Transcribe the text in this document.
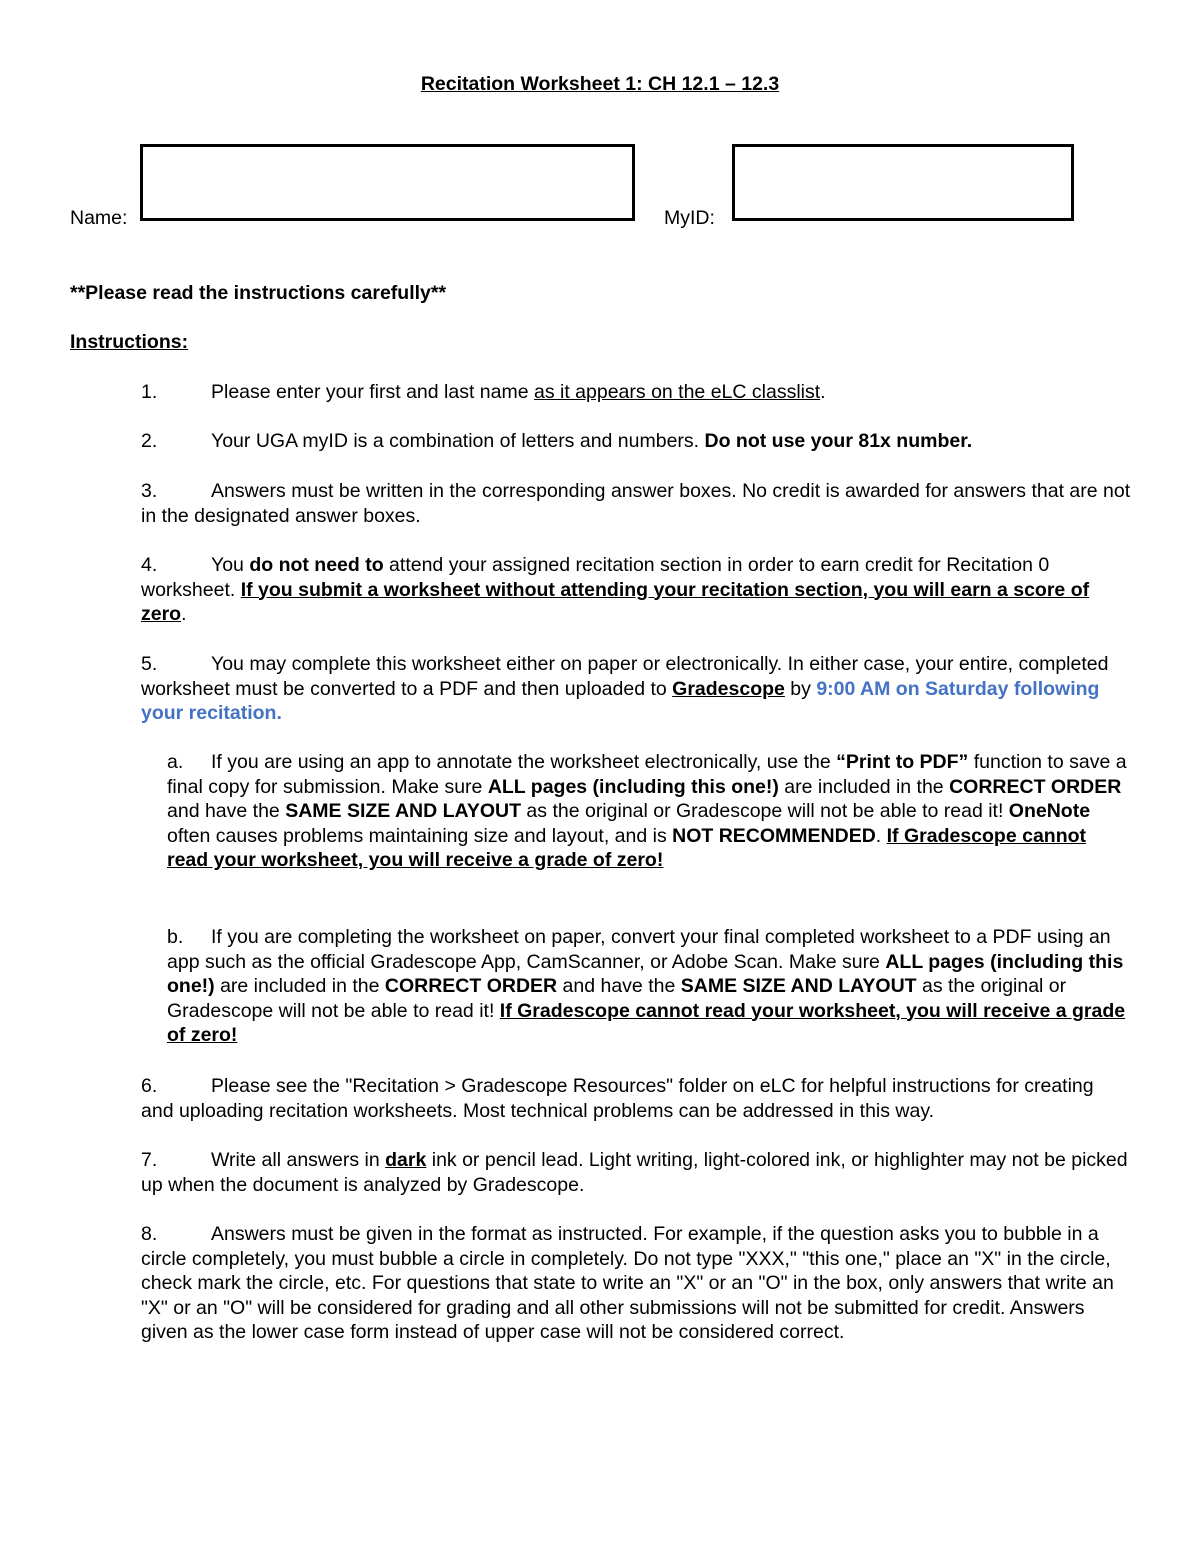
Recitation Worksheet 1: CH 12.1 – 12.3
Name:	MyID:

**Please read the instructions carefully**

Instructions:

1.	Please enter your first and last name as it appears on the eLC classlist.

2.	Your UGA myID is a combination of letters and numbers. Do not use your 81x number.

3.	Answers must be written in the corresponding answer boxes. No credit is awarded for answers that are not in the designated answer boxes.

4.	You do not need to attend your assigned recitation section in order to earn credit for Recitation 0 worksheet. If you submit a worksheet without attending your recitation section, you will earn a score of zero.

5.	You may complete this worksheet either on paper or electronically. In either case, your entire, completed worksheet must be converted to a PDF and then uploaded to Gradescope by 9:00 AM on Saturday following your recitation.

a. If you are using an app to annotate the worksheet electronically, use the “Print to PDF” function to save a final copy for submission. Make sure ALL pages (including this one!) are included in the CORRECT ORDER and have the SAME SIZE AND LAYOUT as the original or Gradescope will not be able to read it! OneNote often causes problems maintaining size and layout, and is NOT RECOMMENDED. If Gradescope cannot read your worksheet, you will receive a grade of zero!

b. If you are completing the worksheet on paper, convert your final completed worksheet to a PDF using an app such as the official Gradescope App, CamScanner, or Adobe Scan. Make sure ALL pages (including this one!) are included in the CORRECT ORDER and have the SAME SIZE AND LAYOUT as the original or Gradescope will not be able to read it! If Gradescope cannot read your worksheet, you will receive a grade of zero!

6.	Please see the "Recitation > Gradescope Resources" folder on eLC for helpful instructions for creating and uploading recitation worksheets. Most technical problems can be addressed in this way.

7.	Write all answers in dark ink or pencil lead. Light writing, light-colored ink, or highlighter may not be picked up when the document is analyzed by Gradescope.

8.	Answers must be given in the format as instructed. For example, if the question asks you to bubble in a circle completely, you must bubble a circle in completely. Do not type "XXX," "this one," place an "X" in the circle, check mark the circle, etc. For questions that state to write an "X" or an "O" in the box, only answers that write an "X" or an "O" will be considered for grading and all other submissions will not be submitted for credit. Answers given as the lower case form instead of upper case will not be considered correct.
